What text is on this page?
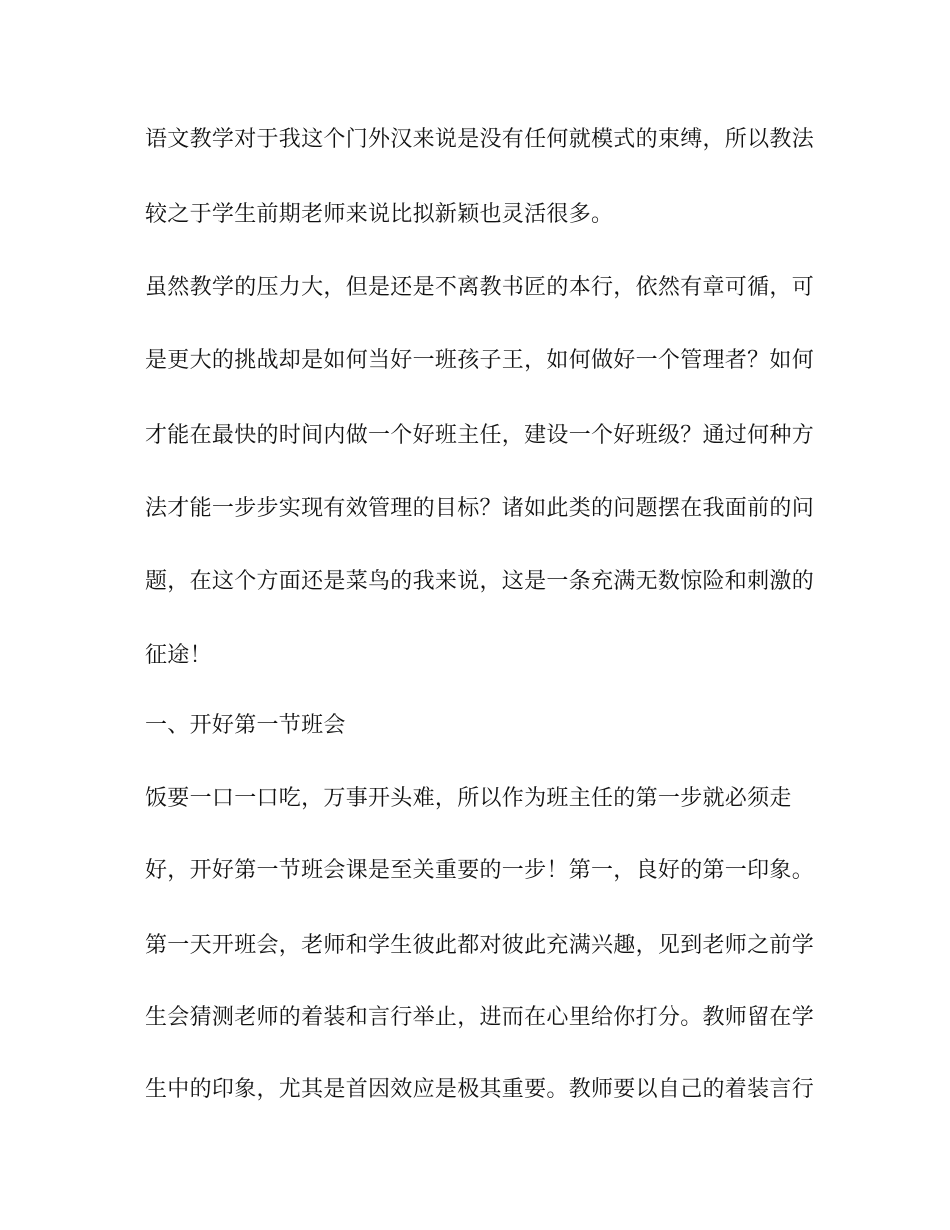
语文教学对于我这个门外汉来说是没有任何就模式的束缚，所以教法
较之于学生前期老师来说比拟新颖也灵活很多。
虽然教学的压力大，但是还是不离教书匠的本行，依然有章可循，可
是更大的挑战却是如何当好一班孩子王，如何做好一个管理者？如何
才能在最快的时间内做一个好班主任，建设一个好班级？通过何种方
法才能一步步实现有效管理的目标？诸如此类的问题摆在我面前的问
题，在这个方面还是菜鸟的我来说，这是一条充满无数惊险和刺激的
征途！
一、开好第一节班会
饭要一口一口吃，万事开头难，所以作为班主任的第一步就必须走
好，开好第一节班会课是至关重要的一步！第一，良好的第一印象。
第一天开班会，老师和学生彼此都对彼此充满兴趣，见到老师之前学
生会猜测老师的着装和言行举止，进而在心里给你打分。教师留在学
生中的印象，尤其是首因效应是极其重要。教师要以自己的着装言行
